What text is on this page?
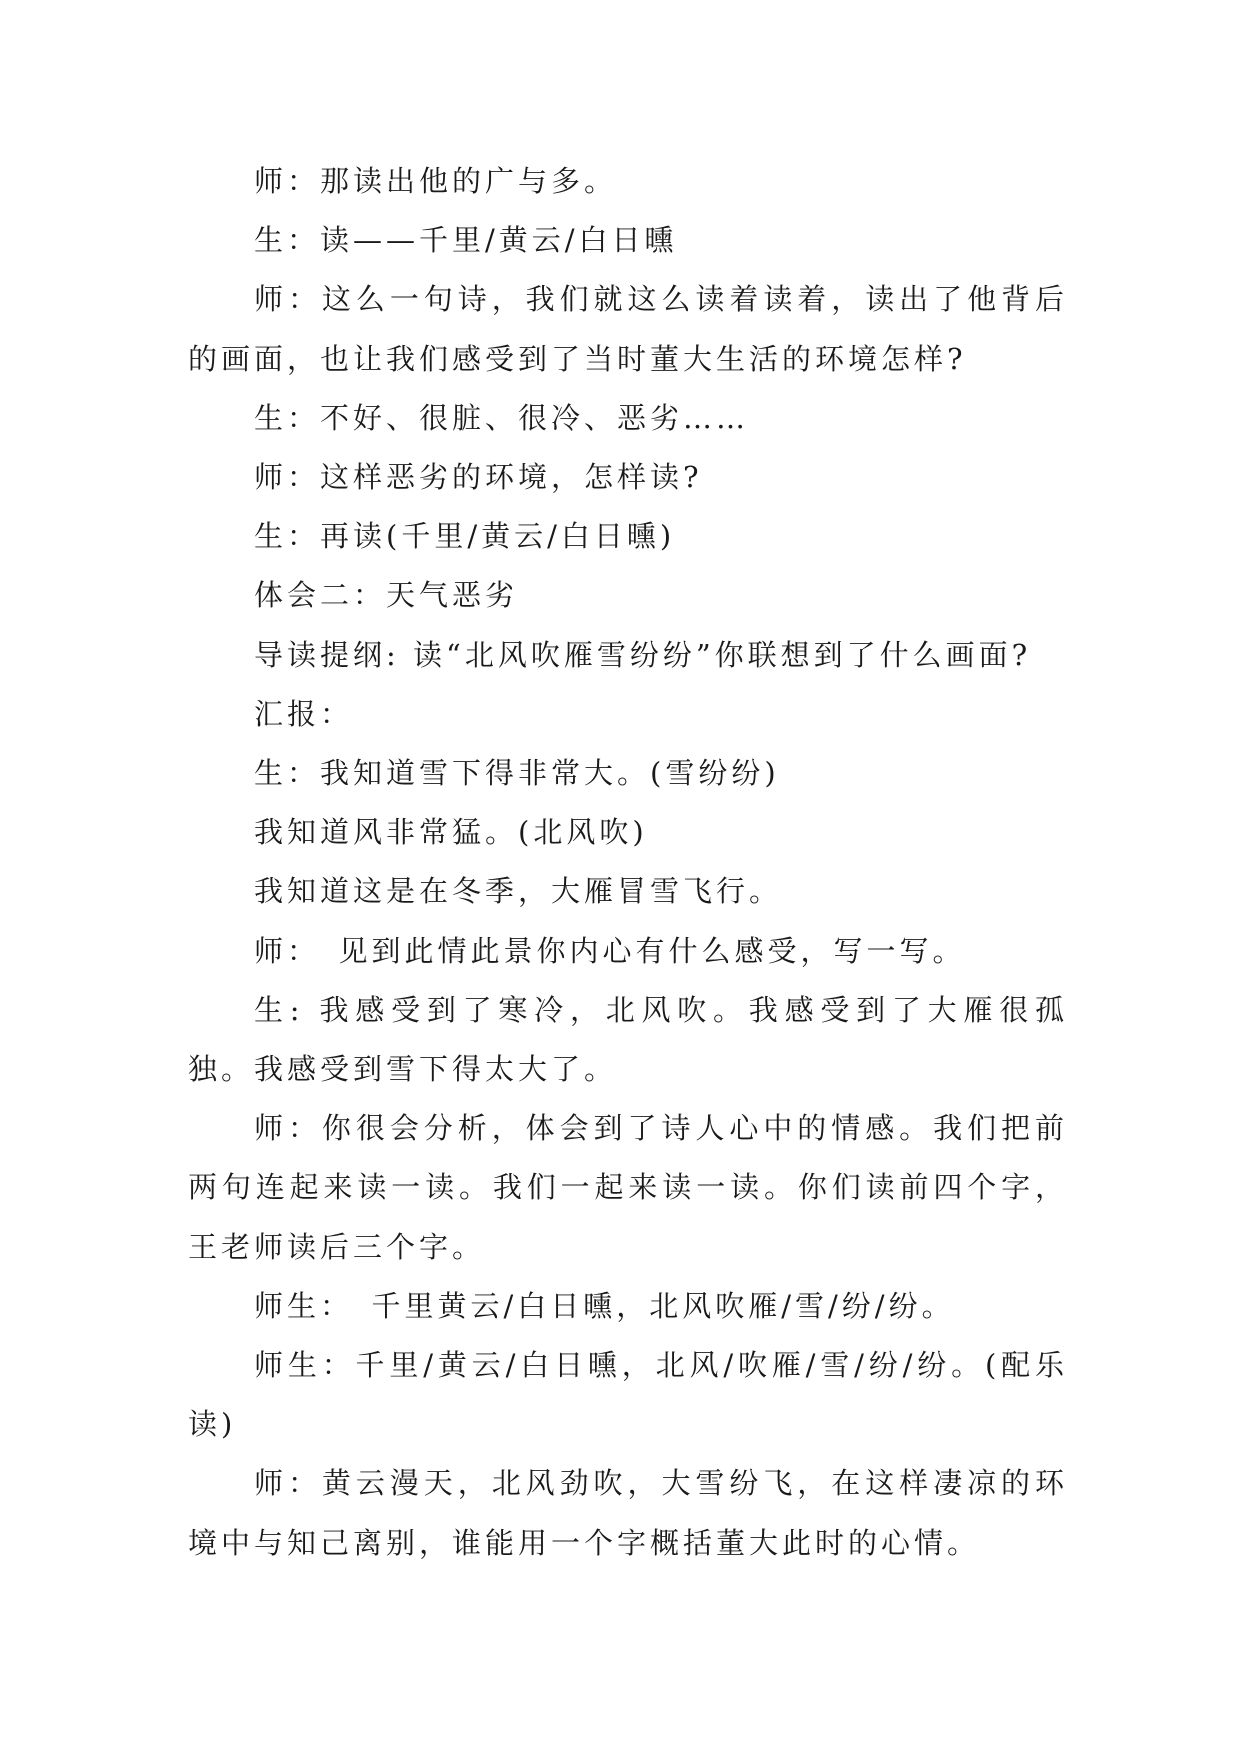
师：那读出他的广与多。

生：读——千里/黄云/白日曛

师：这么一句诗，我们就这么读着读着，读出了他背后的画面，也让我们感受到了当时董大生活的环境怎样?

生：不好、很脏、很冷、恶劣……

师：这样恶劣的环境，怎样读?

生：再读(千里/黄云/白日曛)

体会二：天气恶劣

导读提纲: 读“北风吹雁雪纷纷”你联想到了什么画面?

汇报：

生：我知道雪下得非常大。(雪纷纷)

我知道风非常猛。(北风吹)

我知道这是在冬季，大雁冒雪飞行。

师：　见到此情此景你内心有什么感受，写一写。

生: 我感受到了寒冷，北风吹。我感受到了大雁很孤独。我感受到雪下得太大了。

师：你很会分析，体会到了诗人心中的情感。我们把前两句连起来读一读。我们一起来读一读。你们读前四个字，王老师读后三个字。

师生：　千里黄云/白日曛，北风吹雁/雪/纷/纷。

师生：千里/黄云/白日曛，北风/吹雁/雪/纷/纷。(配乐读)

师：黄云漫天，北风劲吹，大雪纷飞，在这样凄凉的环境中与知己离别，谁能用一个字概括董大此时的心情。
